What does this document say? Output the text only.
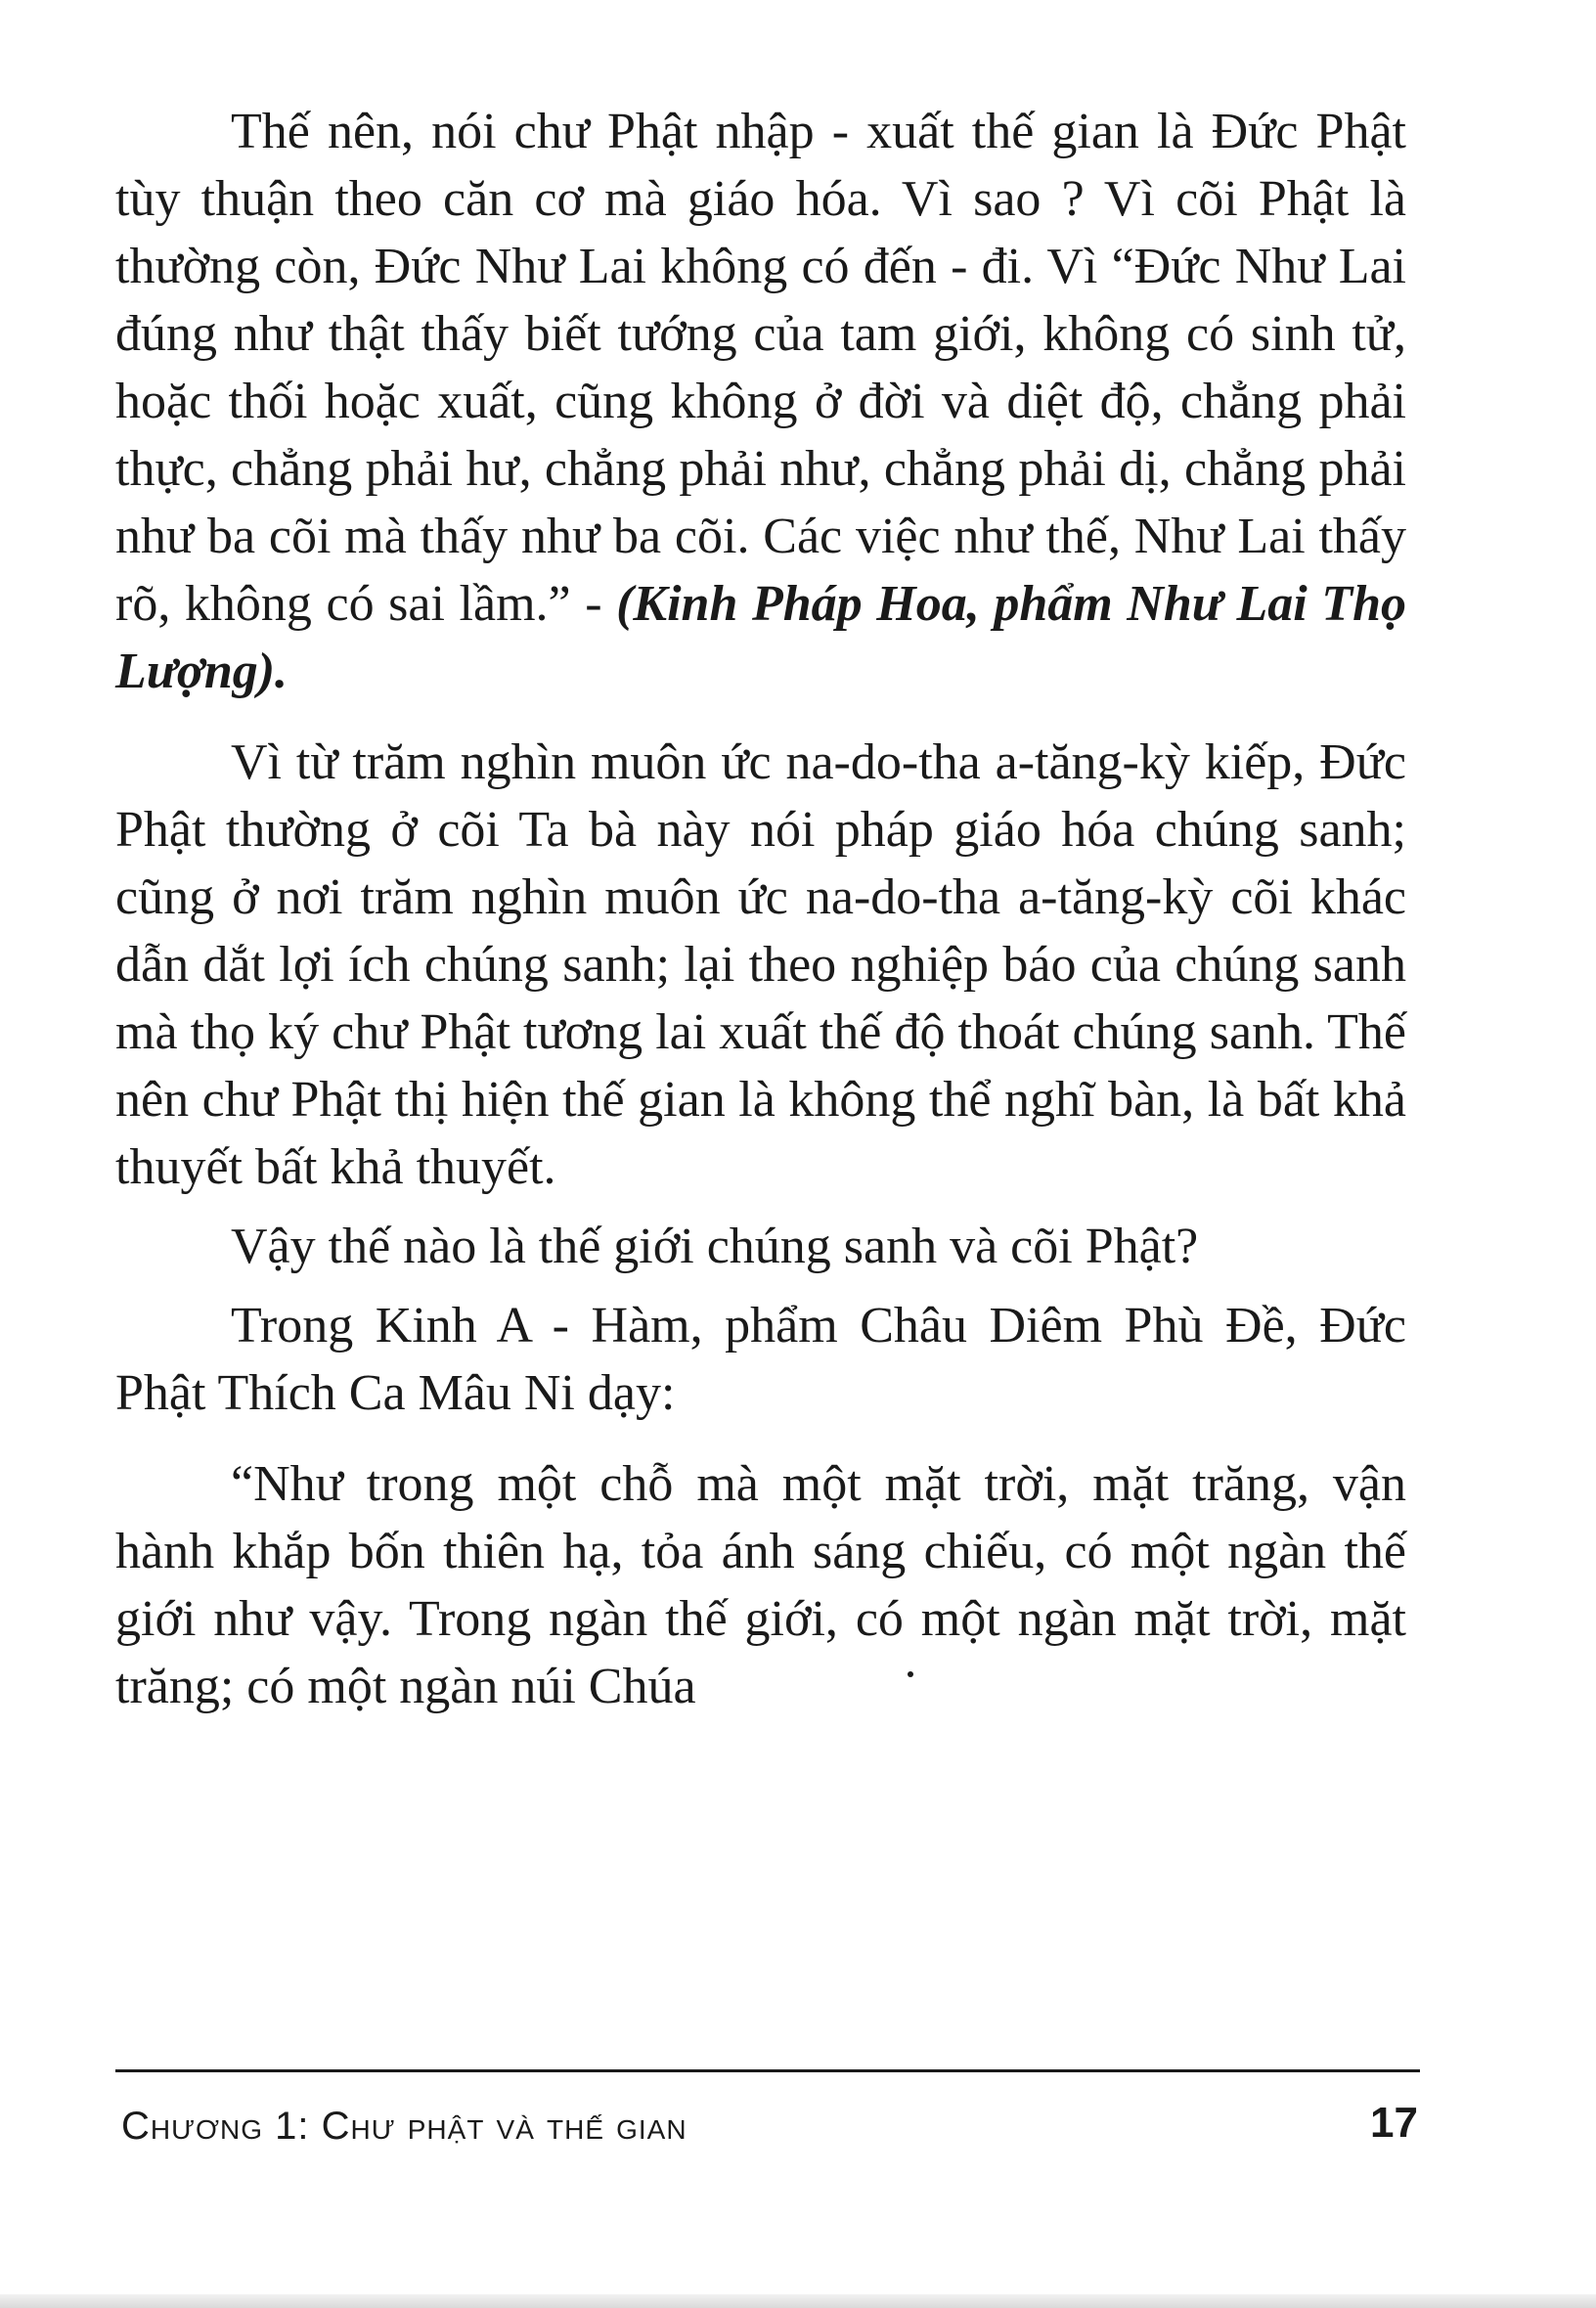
Thế nên, nói chư Phật nhập - xuất thế gian là Đức Phật tùy thuận theo căn cơ mà giáo hóa. Vì sao ? Vì cõi Phật là thường còn, Đức Như Lai không có đến - đi. Vì “Đức Như Lai đúng như thật thấy biết tướng của tam giới, không có sinh tử, hoặc thối hoặc xuất, cũng không ở đời và diệt độ, chẳng phải thực, chẳng phải hư, chẳng phải như, chẳng phải dị, chẳng phải như ba cõi mà thấy như ba cõi. Các việc như thế, Như Lai thấy rõ, không có sai lầm.” - (Kinh Pháp Hoa, phẩm Như Lai Thọ Lượng).

Vì từ trăm nghìn muôn ức na-do-tha a-tăng-kỳ kiếp, Đức Phật thường ở cõi Ta bà này nói pháp giáo hóa chúng sanh; cũng ở nơi trăm nghìn muôn ức na-do-tha a-tăng-kỳ cõi khác dẫn dắt lợi ích chúng sanh; lại theo nghiệp báo của chúng sanh mà thọ ký chư Phật tương lai xuất thế độ thoát chúng sanh. Thế nên chư Phật thị hiện thế gian là không thể nghĩ bàn, là bất khả thuyết bất khả thuyết.

Vậy thế nào là thế giới chúng sanh và cõi Phật?

Trong Kinh A - Hàm, phẩm Châu Diêm Phù Đề, Đức Phật Thích Ca Mâu Ni dạy:

“Như trong một chỗ mà một mặt trời, mặt trăng, vận hành khắp bốn thiên hạ, tỏa ánh sáng chiếu, có một ngàn thế giới như vậy. Trong ngàn thế giới, có một ngàn mặt trời, mặt trăng; có một ngàn núi Chúa

Chương 1: Chư phật và thế gian	17
